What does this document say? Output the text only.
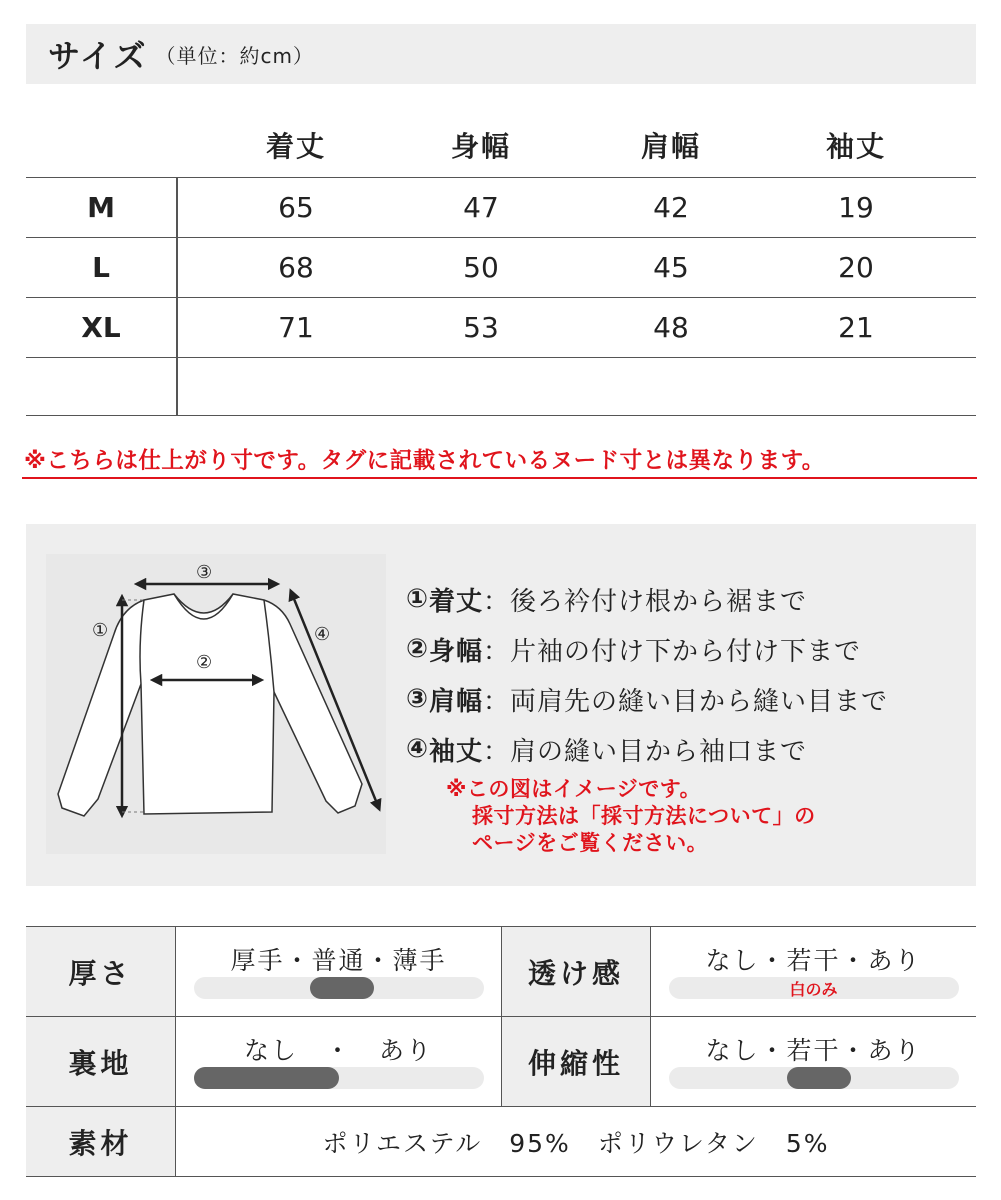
サイズ （単位：約cm）
着丈	身幅	肩幅	袖丈
M	65	47	42	19
L	68	50	45	20
XL	71	53	48	21
※こちらは仕上がり寸です。タグに記載されているヌード寸とは異なります。
①
②
③
④
① 着丈 ：後ろ衿付け根から裾まで
② 身幅 ：片袖の付け下から付け下まで
③ 肩幅 ：両肩先の縫い目から縫い目まで
④ 袖丈 ：肩の縫い目から袖口まで
※この図はイメージです。
採寸方法は「採寸方法について」の
ページをご覧ください。
厚さ	厚手・普通・薄手	透け感	なし・若干・あり
白のみ
裏地	なし　・　あり	伸縮性	なし・若干・あり
素材	ポリエステル　95%　ポリウレタン　5%
